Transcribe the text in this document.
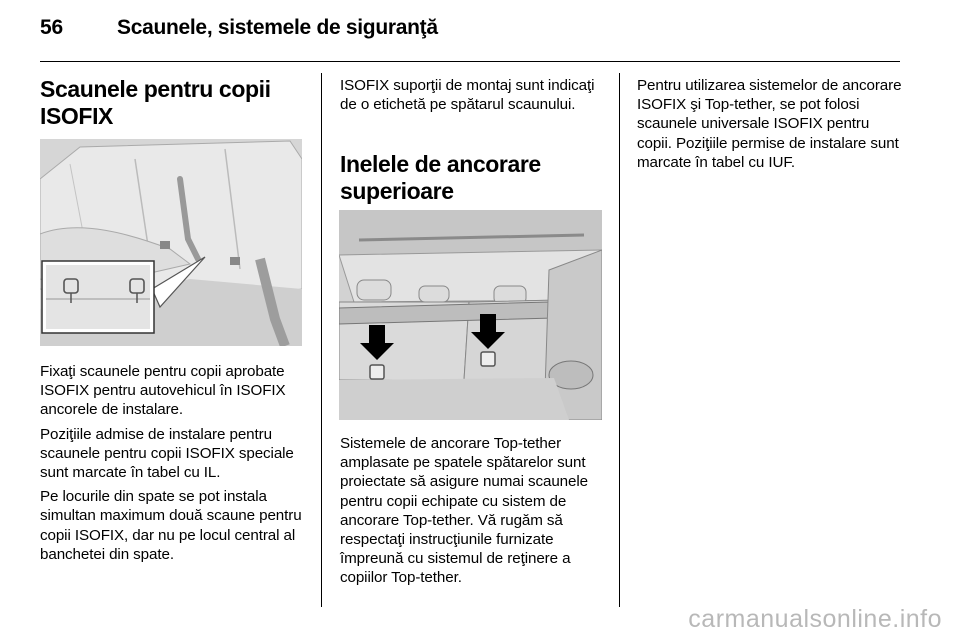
56	Scaunele, sistemele de siguranţă
Scaunele pentru copii ISOFIX

Fixaţi scaunele pentru copii aprobate ISOFIX pentru autovehicul în ISOFIX ancorele de instalare.

Poziţiile admise de instalare pentru scaunele pentru copii ISOFIX speciale sunt marcate în tabel cu IL.

Pe locurile din spate se pot instala simultan maximum două scaune pentru copii ISOFIX, dar nu pe locul central al banchetei din spate.

ISOFIX suporţii de montaj sunt indicaţi de o etichetă pe spătarul scaunului.

Inelele de ancorare superioare

Sistemele de ancorare Top-tether amplasate pe spatele spătarelor sunt proiectate să asigure numai scaunele pentru copii echipate cu sistem de ancorare Top-tether. Vă rugăm să respectaţi instrucţiunile furnizate împreună cu sistemul de reţinere a copiilor Top-tether.

Pentru utilizarea sistemelor de ancorare ISOFIX şi Top-tether, se pot folosi scaunele universale ISOFIX pentru copii. Poziţiile permise de instalare sunt marcate în tabel cu IUF.

carmanualsonline.info
